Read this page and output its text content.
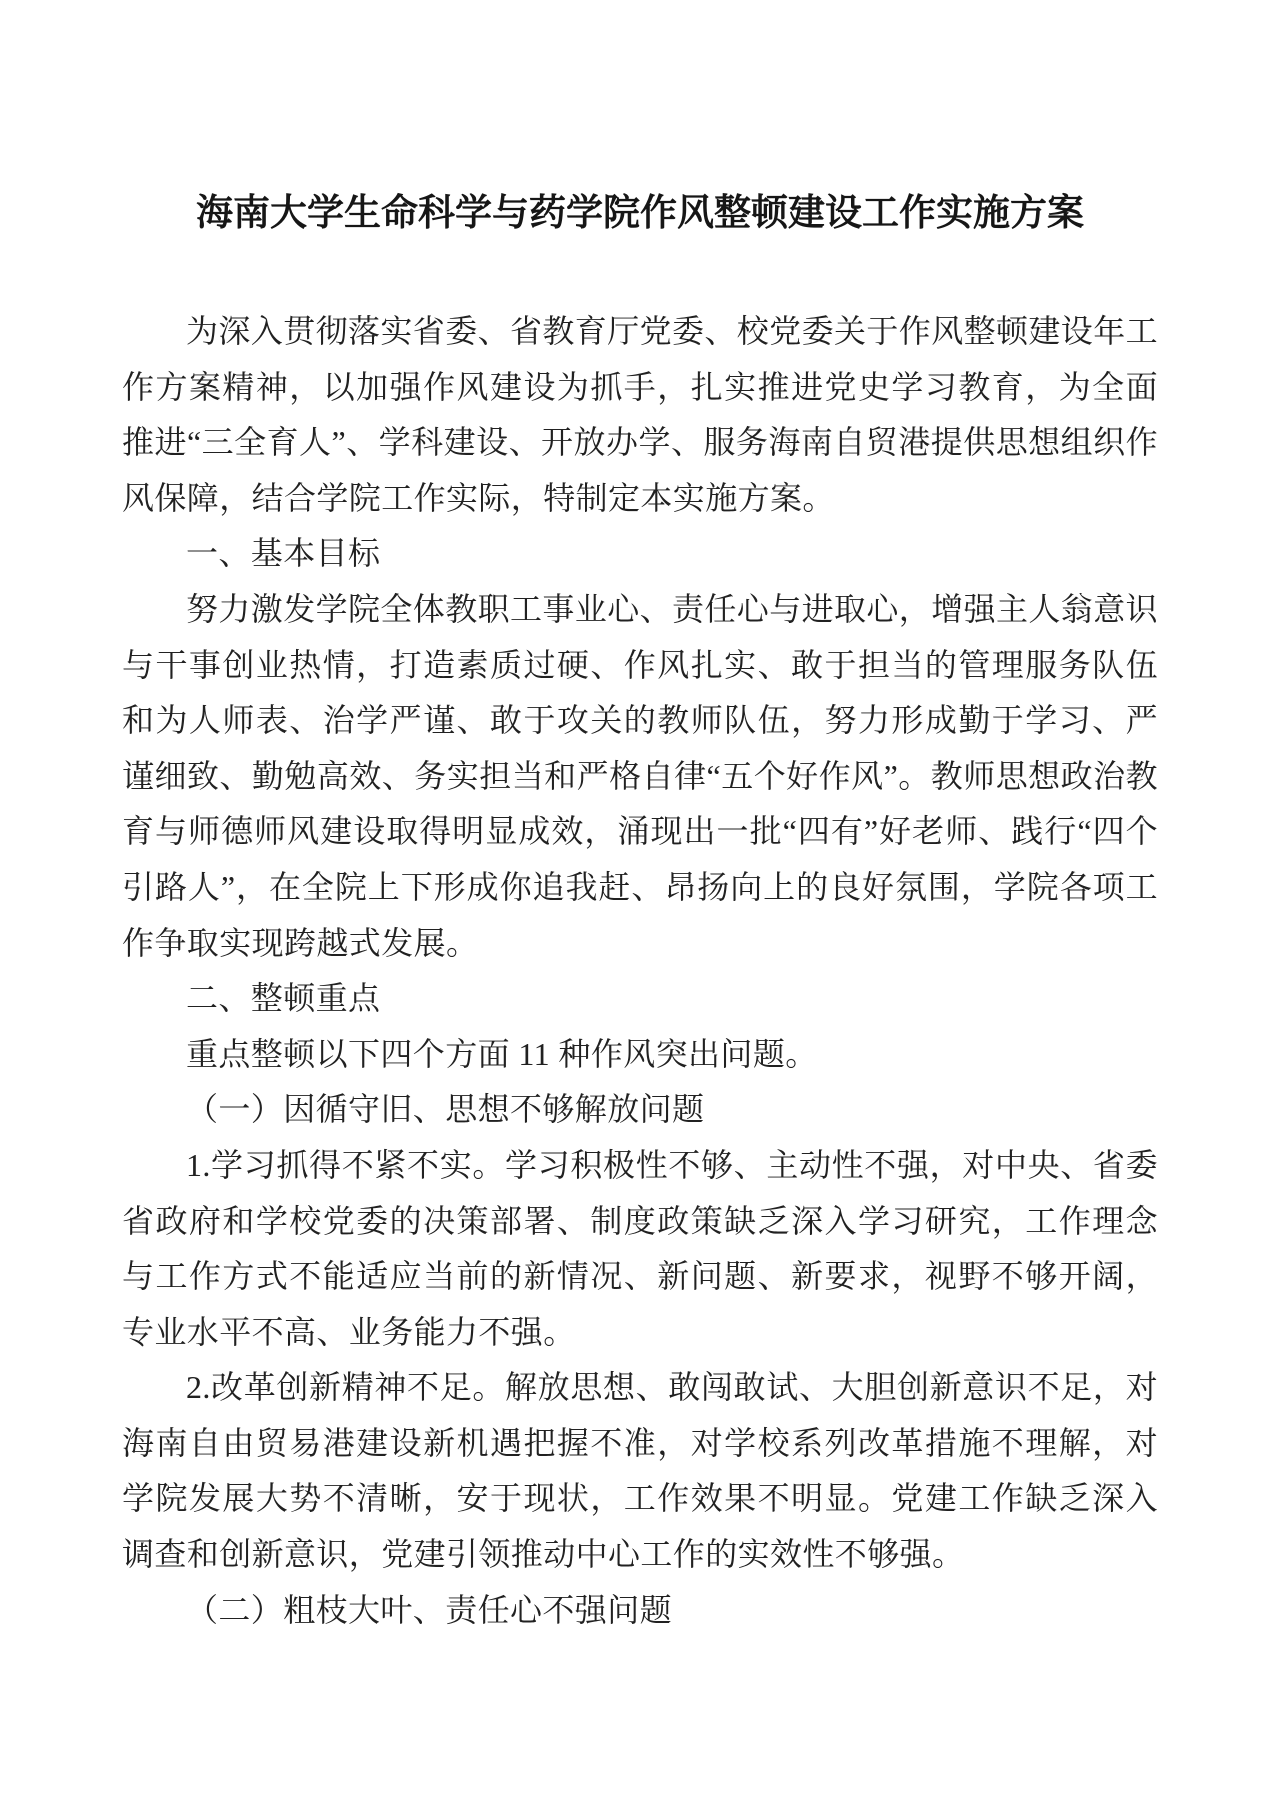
海南大学生命科学与药学院作风整顿建设工作实施方案

为深入贯彻落实省委、省教育厅党委、校党委关于作风整顿建设年工作方案精神，以加强作风建设为抓手，扎实推进党史学习教育，为全面推进“三全育人”、学科建设、开放办学、服务海南自贸港提供思想组织作风保障，结合学院工作实际，特制定本实施方案。

一、基本目标

努力激发学院全体教职工事业心、责任心与进取心，增强主人翁意识与干事创业热情，打造素质过硬、作风扎实、敢于担当的管理服务队伍和为人师表、治学严谨、敢于攻关的教师队伍，努力形成勤于学习、严谨细致、勤勉高效、务实担当和严格自律“五个好作风”。教师思想政治教育与师德师风建设取得明显成效，涌现出一批“四有”好老师、践行“四个引路人”，在全院上下形成你追我赶、昂扬向上的良好氛围，学院各项工作争取实现跨越式发展。

二、整顿重点

重点整顿以下四个方面 11 种作风突出问题。

（一）因循守旧、思想不够解放问题

1.学习抓得不紧不实。学习积极性不够、主动性不强，对中央、省委省政府和学校党委的决策部署、制度政策缺乏深入学习研究，工作理念与工作方式不能适应当前的新情况、新问题、新要求，视野不够开阔，专业水平不高、业务能力不强。

2.改革创新精神不足。解放思想、敢闯敢试、大胆创新意识不足，对海南自由贸易港建设新机遇把握不准，对学校系列改革措施不理解，对学院发展大势不清晰，安于现状，工作效果不明显。党建工作缺乏深入调查和创新意识，党建引领推动中心工作的实效性不够强。

（二）粗枝大叶、责任心不强问题
